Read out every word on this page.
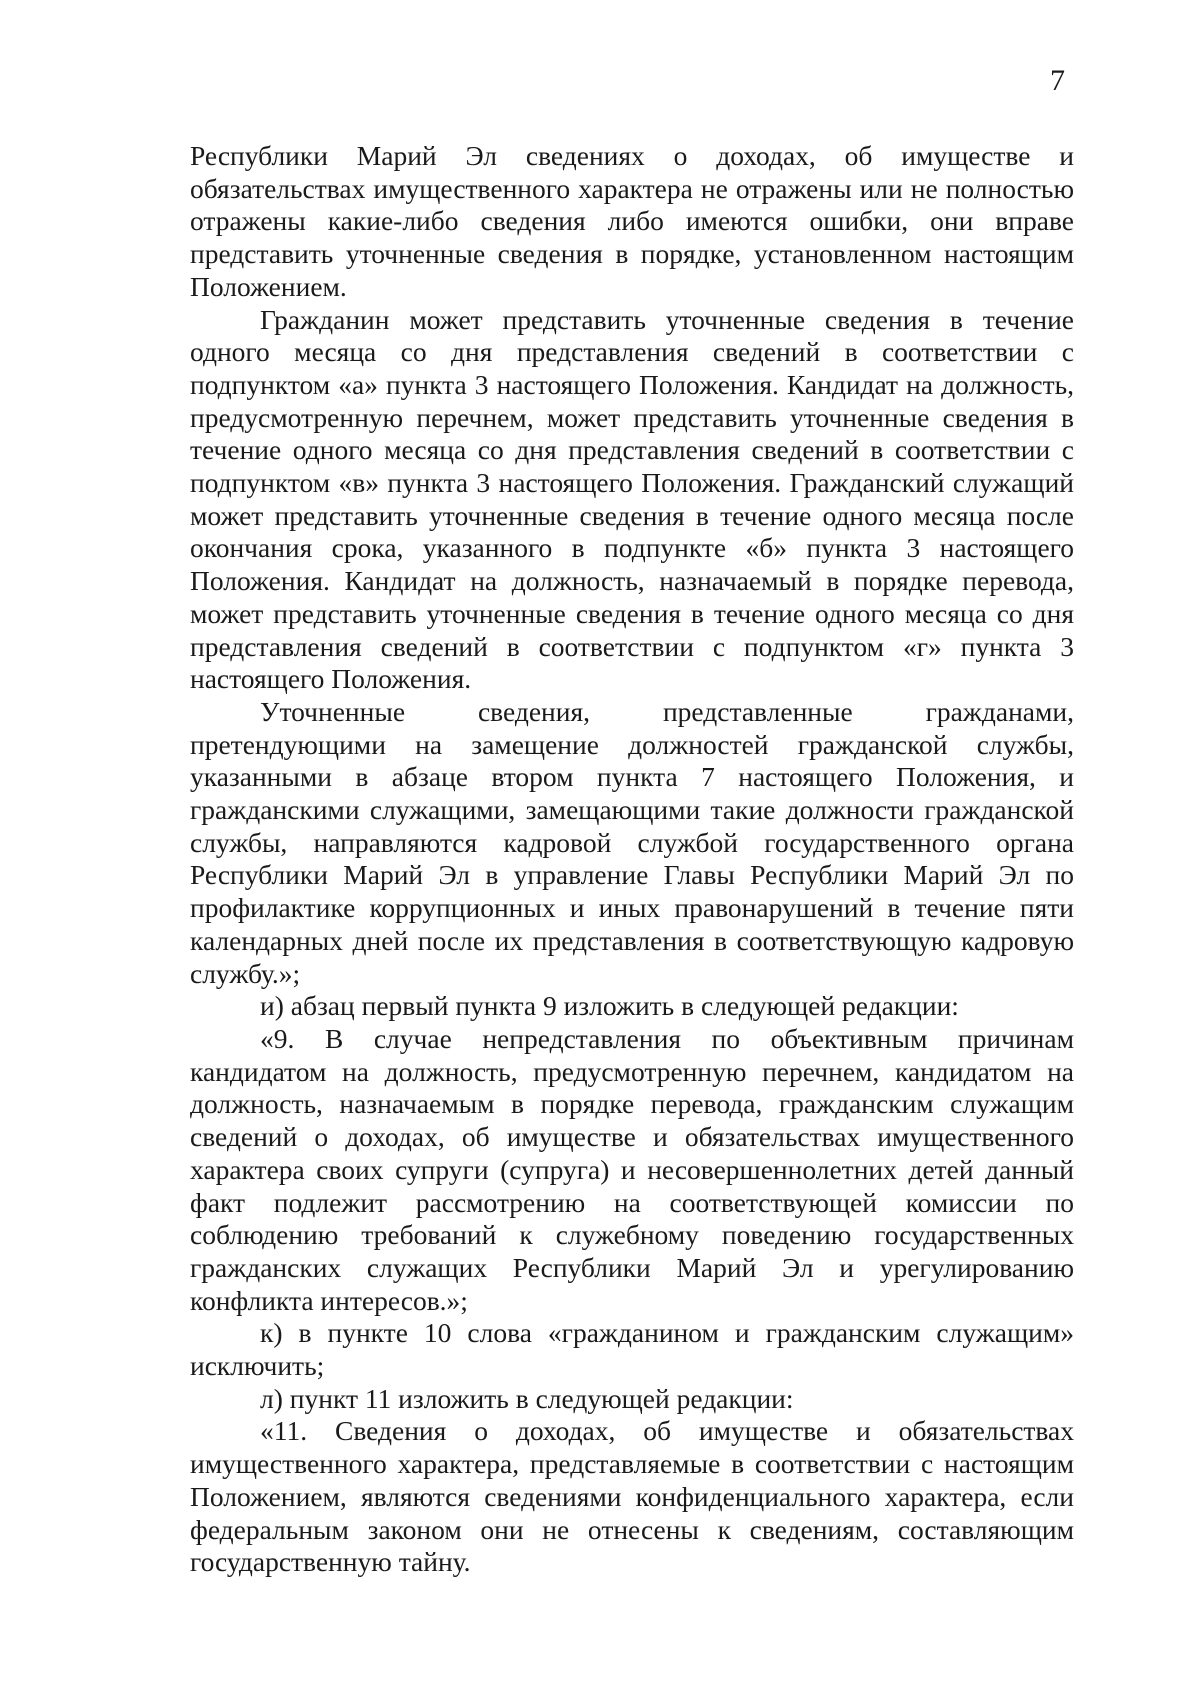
7

Республики Марий Эл сведениях о доходах, об имуществе и обязательствах имущественного характера не отражены или не полностью отражены какие-либо сведения либо имеются ошибки, они вправе представить уточненные сведения в порядке, установленном настоящим Положением.

Гражданин может представить уточненные сведения в течение одного месяца со дня представления сведений в соответствии с подпунктом «а» пункта 3 настоящего Положения. Кандидат на должность, предусмотренную перечнем, может представить уточненные сведения в течение одного месяца со дня представления сведений в соответствии с подпунктом «в» пункта 3 настоящего Положения. Гражданский служащий может представить уточненные сведения в течение одного месяца после окончания срока, указанного в подпункте «б» пункта 3 настоящего Положения. Кандидат на должность, назначаемый в порядке перевода, может представить уточненные сведения в течение одного месяца со дня представления сведений в соответствии с подпунктом «г» пункта 3 настоящего Положения.

Уточненные сведения, представленные гражданами, претендующими на замещение должностей гражданской службы, указанными в абзаце втором пункта 7 настоящего Положения, и гражданскими служащими, замещающими такие должности гражданской службы, направляются кадровой службой государственного органа Республики Марий Эл в управление Главы Республики Марий Эл по профилактике коррупционных и иных правонарушений в течение пяти календарных дней после их представления в соответствующую кадровую службу.»;

и) абзац первый пункта 9 изложить в следующей редакции:

«9. В случае непредставления по объективным причинам кандидатом на должность, предусмотренную перечнем, кандидатом на должность, назначаемым в порядке перевода, гражданским служащим сведений о доходах, об имуществе и обязательствах имущественного характера своих супруги (супруга) и несовершеннолетних детей данный факт подлежит рассмотрению на соответствующей комиссии по соблюдению требований к служебному поведению государственных гражданских служащих Республики Марий Эл и урегулированию конфликта интересов.»;

к) в пункте 10 слова «гражданином и гражданским служащим» исключить;

л) пункт 11 изложить в следующей редакции:

«11. Сведения о доходах, об имуществе и обязательствах имущественного характера, представляемые в соответствии с настоящим Положением, являются сведениями конфиденциального характера, если федеральным законом они не отнесены к сведениям, составляющим государственную тайну.
